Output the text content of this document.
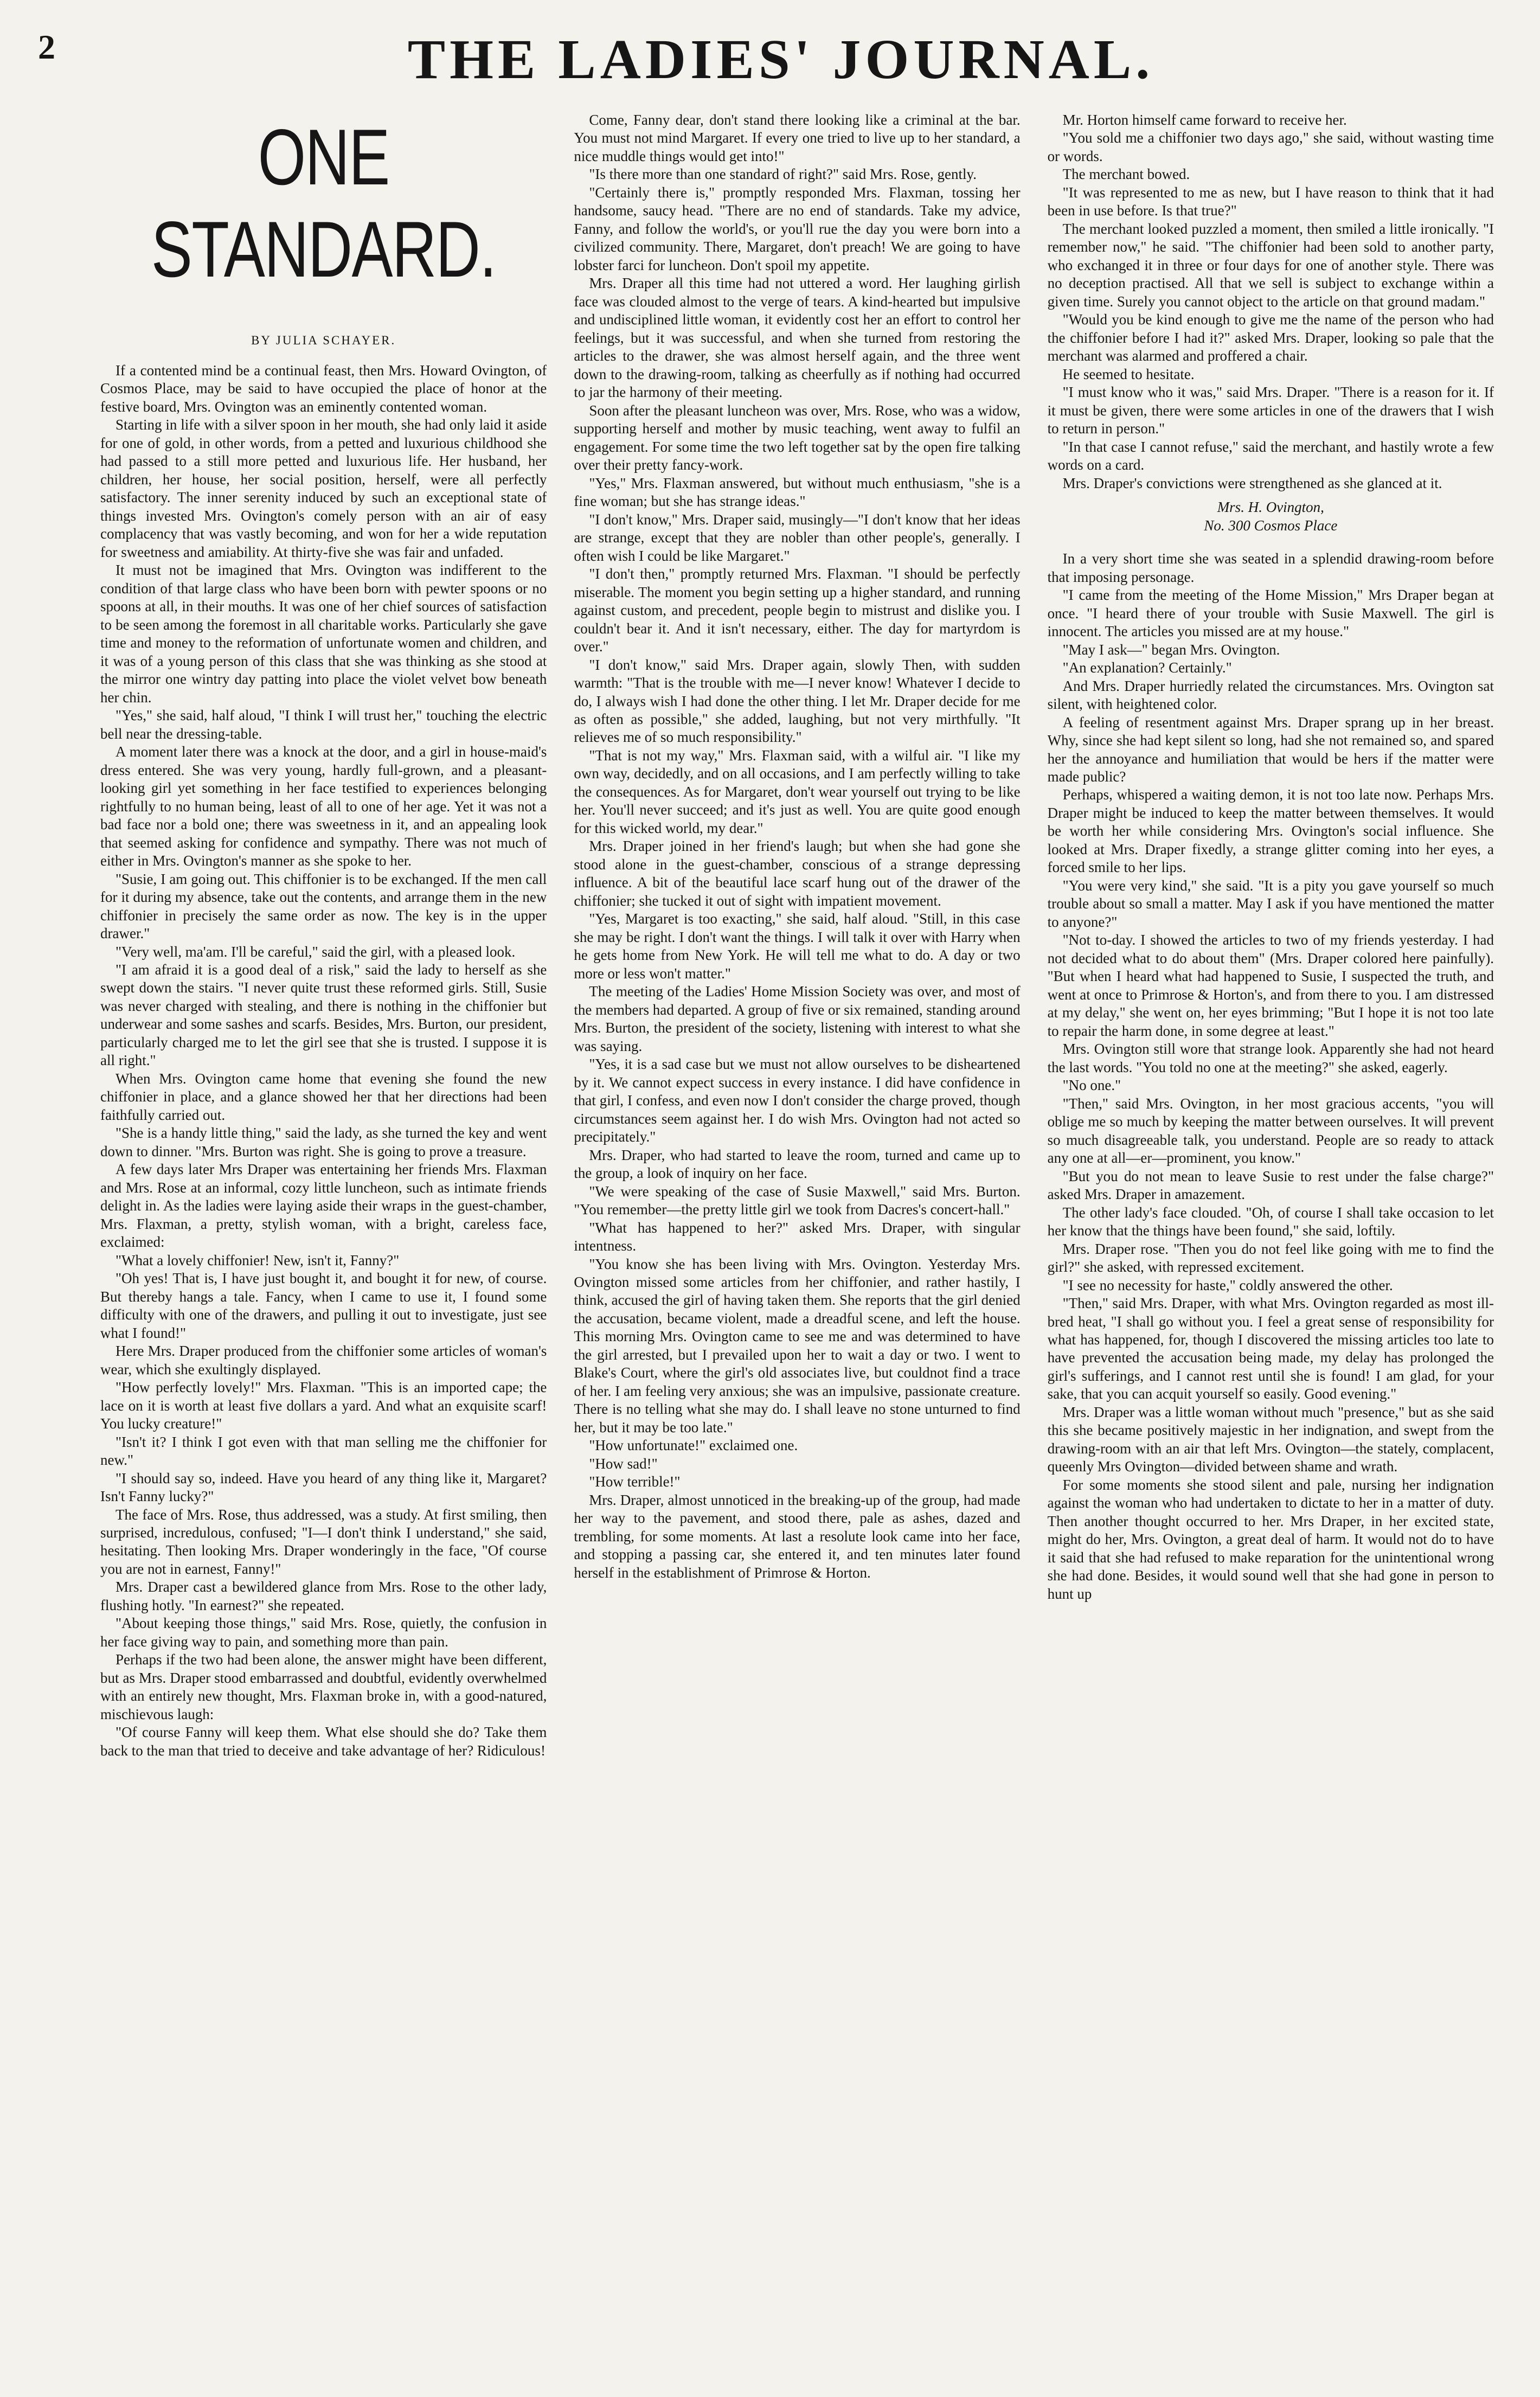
2	THE LADIES' JOURNAL.
ONE STANDARD.
BY JULIA SCHAYER.

If a contented mind be a continual feast, then Mrs. Howard Ovington, of Cosmos Place, may be said to have occupied the place of honor at the festive board, Mrs. Ovington was an eminently contented woman.

Starting in life with a silver spoon in her mouth, she had only laid it aside for one of gold, in other words, from a petted and luxurious childhood she had passed to a still more petted and luxurious life. Her husband, her children, her house, her social position, herself, were all perfectly satisfactory. The inner serenity induced by such an exceptional state of things invested Mrs. Ovington's comely person with an air of easy complacency that was vastly becoming, and won for her a wide reputation for sweetness and amiability. At thirty-five she was fair and unfaded.

It must not be imagined that Mrs. Ovington was indifferent to the condition of that large class who have been born with pewter spoons or no spoons at all, in their mouths. It was one of her chief sources of satisfaction to be seen among the foremost in all charitable works. Particularly she gave time and money to the reformation of unfortunate women and children, and it was of a young person of this class that she was thinking as she stood at the mirror one wintry day patting into place the violet velvet bow beneath her chin.

"Yes," she said, half aloud, "I think I will trust her," touching the electric bell near the dressing-table.

A moment later there was a knock at the door, and a girl in house-maid's dress entered. She was very young, hardly full-grown, and a pleasant-looking girl yet something in her face testified to experiences belonging rightfully to no human being, least of all to one of her age. Yet it was not a bad face nor a bold one; there was sweetness in it, and an appealing look that seemed asking for confidence and sympathy. There was not much of either in Mrs. Ovington's manner as she spoke to her.

"Susie, I am going out. This chiffonier is to be exchanged. If the men call for it during my absence, take out the contents, and arrange them in the new chiffonier in precisely the same order as now. The key is in the upper drawer."

"Very well, ma'am. I'll be careful," said the girl, with a pleased look.

"I am afraid it is a good deal of a risk," said the lady to herself as she swept down the stairs. "I never quite trust these reformed girls. Still, Susie was never charged with stealing, and there is nothing in the chiffonier but underwear and some sashes and scarfs. Besides, Mrs. Burton, our president, particularly charged me to let the girl see that she is trusted. I suppose it is all right."

When Mrs. Ovington came home that evening she found the new chiffonier in place, and a glance showed her that her directions had been faithfully carried out.

"She is a handy little thing," said the lady, as she turned the key and went down to dinner. "Mrs. Burton was right. She is going to prove a treasure.

A few days later Mrs Draper was entertaining her friends Mrs. Flaxman and Mrs. Rose at an informal, cozy little luncheon, such as intimate friends delight in. As the ladies were laying aside their wraps in the guest-chamber, Mrs. Flaxman, a pretty, stylish woman, with a bright, careless face, exclaimed:

"What a lovely chiffonier! New, isn't it, Fanny?"

"Oh yes! That is, I have just bought it, and bought it for new, of course. But thereby hangs a tale. Fancy, when I came to use it, I found some difficulty with one of the drawers, and pulling it out to investigate, just see what I found!"

Here Mrs. Draper produced from the chiffonier some articles of woman's wear, which she exultingly displayed.

"How perfectly lovely!" Mrs. Flaxman. "This is an imported cape; the lace on it is worth at least five dollars a yard. And what an exquisite scarf! You lucky creature!"

"Isn't it? I think I got even with that man selling me the chiffonier for new."

"I should say so, indeed. Have you heard of any thing like it, Margaret? Isn't Fanny lucky?"

The face of Mrs. Rose, thus addressed, was a study. At first smiling, then surprised, incredulous, confused; "I—I don't think I understand," she said, hesitating. Then looking Mrs. Draper wonderingly in the face, "Of course you are not in earnest, Fanny!"

Mrs. Draper cast a bewildered glance from Mrs. Rose to the other lady, flushing hotly. "In earnest?" she repeated.

"About keeping those things," said Mrs. Rose, quietly, the confusion in her face giving way to pain, and something more than pain.

Perhaps if the two had been alone, the answer might have been different, but as Mrs. Draper stood embarrassed and doubtful, evidently overwhelmed with an entirely new thought, Mrs. Flaxman broke in, with a good-natured, mischievous laugh:

"Of course Fanny will keep them. What else should she do? Take them back to the man that tried to deceive and take advantage of her? Ridiculous!

Come, Fanny dear, don't stand there looking like a criminal at the bar. You must not mind Margaret. If every one tried to live up to her standard, a nice muddle things would get into!"

"Is there more than one standard of right?" said Mrs. Rose, gently.

"Certainly there is," promptly responded Mrs. Flaxman, tossing her handsome, saucy head. "There are no end of standards. Take my advice, Fanny, and follow the world's, or you'll rue the day you were born into a civilized community. There, Margaret, don't preach! We are going to have lobster farci for luncheon. Don't spoil my appetite.

Mrs. Draper all this time had not uttered a word. Her laughing girlish face was clouded almost to the verge of tears. A kind-hearted but impulsive and undisciplined little woman, it evidently cost her an effort to control her feelings, but it was successful, and when she turned from restoring the articles to the drawer, she was almost herself again, and the three went down to the drawing-room, talking as cheerfully as if nothing had occurred to jar the harmony of their meeting.

Soon after the pleasant luncheon was over, Mrs. Rose, who was a widow, supporting herself and mother by music teaching, went away to fulfil an engagement. For some time the two left together sat by the open fire talking over their pretty fancy-work.

"Yes," Mrs. Flaxman answered, but without much enthusiasm, "she is a fine woman; but she has strange ideas."

"I don't know," Mrs. Draper said, musingly—"I don't know that her ideas are strange, except that they are nobler than other people's, generally. I often wish I could be like Margaret."

"I don't then," promptly returned Mrs. Flaxman. "I should be perfectly miserable. The moment you begin setting up a higher standard, and running against custom, and precedent, people begin to mistrust and dislike you. I couldn't bear it. And it isn't necessary, either. The day for martyrdom is over."

"I don't know," said Mrs. Draper again, slowly Then, with sudden warmth: "That is the trouble with me—I never know! Whatever I decide to do, I always wish I had done the other thing. I let Mr. Draper decide for me as often as possible," she added, laughing, but not very mirthfully. "It relieves me of so much responsibility."

"That is not my way," Mrs. Flaxman said, with a wilful air. "I like my own way, decidedly, and on all occasions, and I am perfectly willing to take the consequences. As for Margaret, don't wear yourself out trying to be like her. You'll never succeed; and it's just as well. You are quite good enough for this wicked world, my dear."

Mrs. Draper joined in her friend's laugh; but when she had gone she stood alone in the guest-chamber, conscious of a strange depressing influence. A bit of the beautiful lace scarf hung out of the drawer of the chiffonier; she tucked it out of sight with impatient movement.

"Yes, Margaret is too exacting," she said, half aloud. "Still, in this case she may be right. I don't want the things. I will talk it over with Harry when he gets home from New York. He will tell me what to do. A day or two more or less won't matter."

The meeting of the Ladies' Home Mission Society was over, and most of the members had departed. A group of five or six remained, standing around Mrs. Burton, the president of the society, listening with interest to what she was saying.

"Yes, it is a sad case but we must not allow ourselves to be disheartened by it. We cannot expect success in every instance. I did have confidence in that girl, I confess, and even now I don't consider the charge proved, though circumstances seem against her. I do wish Mrs. Ovington had not acted so precipitately."

Mrs. Draper, who had started to leave the room, turned and came up to the group, a look of inquiry on her face.

"We were speaking of the case of Susie Maxwell," said Mrs. Burton. "You remember—the pretty little girl we took from Dacres's concert-hall."

"What has happened to her?" asked Mrs. Draper, with singular intentness.

"You know she has been living with Mrs. Ovington. Yesterday Mrs. Ovington missed some articles from her chiffonier, and rather hastily, I think, accused the girl of having taken them. She reports that the girl denied the accusation, became violent, made a dreadful scene, and left the house. This morning Mrs. Ovington came to see me and was determined to have the girl arrested, but I prevailed upon her to wait a day or two. I went to Blake's Court, where the girl's old associates live, but couldnot find a trace of her. I am feeling very anxious; she was an impulsive, passionate creature. There is no telling what she may do. I shall leave no stone unturned to find her, but it may be too late."

"How unfortunate!" exclaimed one.

"How sad!"

"How terrible!"

Mrs. Draper, almost unnoticed in the breaking-up of the group, had made her way to the pavement, and stood there, pale as ashes, dazed and trembling, for some moments. At last a resolute look came into her face, and stopping a passing car, she entered it, and ten minutes later found herself in the establishment of Primrose & Horton.

Mr. Horton himself came forward to receive her.

"You sold me a chiffonier two days ago," she said, without wasting time or words.

The merchant bowed.

"It was represented to me as new, but I have reason to think that it had been in use before. Is that true?"

The merchant looked puzzled a moment, then smiled a little ironically. "I remember now," he said. "The chiffonier had been sold to another party, who exchanged it in three or four days for one of another style. There was no deception practised. All that we sell is subject to exchange within a given time. Surely you cannot object to the article on that ground madam."

"Would you be kind enough to give me the name of the person who had the chiffonier before I had it?" asked Mrs. Draper, looking so pale that the merchant was alarmed and proffered a chair.

He seemed to hesitate.

"I must know who it was," said Mrs. Draper. "There is a reason for it. If it must be given, there were some articles in one of the drawers that I wish to return in person."

"In that case I cannot refuse," said the merchant, and hastily wrote a few words on a card.

Mrs. Draper's convictions were strengthened as she glanced at it.

Mrs. H. Ovington,
No. 300 Cosmos Place

In a very short time she was seated in a splendid drawing-room before that imposing personage.

"I came from the meeting of the Home Mission," Mrs Draper began at once. "I heard there of your trouble with Susie Maxwell. The girl is innocent. The articles you missed are at my house."

"May I ask—" began Mrs. Ovington.

"An explanation? Certainly."

And Mrs. Draper hurriedly related the circumstances. Mrs. Ovington sat silent, with heightened color.

A feeling of resentment against Mrs. Draper sprang up in her breast. Why, since she had kept silent so long, had she not remained so, and spared her the annoyance and humiliation that would be hers if the matter were made public?

Perhaps, whispered a waiting demon, it is not too late now. Perhaps Mrs. Draper might be induced to keep the matter between themselves. It would be worth her while considering Mrs. Ovington's social influence. She looked at Mrs. Draper fixedly, a strange glitter coming into her eyes, a forced smile to her lips.

"You were very kind," she said. "It is a pity you gave yourself so much trouble about so small a matter. May I ask if you have mentioned the matter to anyone?"

"Not to-day. I showed the articles to two of my friends yesterday. I had not decided what to do about them" (Mrs. Draper colored here painfully). "But when I heard what had happened to Susie, I suspected the truth, and went at once to Primrose & Horton's, and from there to you. I am distressed at my delay," she went on, her eyes brimming; "But I hope it is not too late to repair the harm done, in some degree at least."

Mrs. Ovington still wore that strange look. Apparently she had not heard the last words. "You told no one at the meeting?" she asked, eagerly.

"No one."

"Then," said Mrs. Ovington, in her most gracious accents, "you will oblige me so much by keeping the matter between ourselves. It will prevent so much disagreeable talk, you understand. People are so ready to attack any one at all—er—prominent, you know."

"But you do not mean to leave Susie to rest under the false charge?" asked Mrs. Draper in amazement.

The other lady's face clouded. "Oh, of course I shall take occasion to let her know that the things have been found," she said, loftily.

Mrs. Draper rose. "Then you do not feel like going with me to find the girl?" she asked, with repressed excitement.

"I see no necessity for haste," coldly answered the other.

"Then," said Mrs. Draper, with what Mrs. Ovington regarded as most ill-bred heat, "I shall go without you. I feel a great sense of responsibility for what has happened, for, though I discovered the missing articles too late to have prevented the accusation being made, my delay has prolonged the girl's sufferings, and I cannot rest until she is found! I am glad, for your sake, that you can acquit yourself so easily. Good evening."

Mrs. Draper was a little woman without much "presence," but as she said this she became positively majestic in her indignation, and swept from the drawing-room with an air that left Mrs. Ovington—the stately, complacent, queenly Mrs Ovington—divided between shame and wrath.

For some moments she stood silent and pale, nursing her indignation against the woman who had undertaken to dictate to her in a matter of duty. Then another thought occurred to her. Mrs Draper, in her excited state, might do her, Mrs. Ovington, a great deal of harm. It would not do to have it said that she had refused to make reparation for the unintentional wrong she had done. Besides, it would sound well that she had gone in person to hunt up
